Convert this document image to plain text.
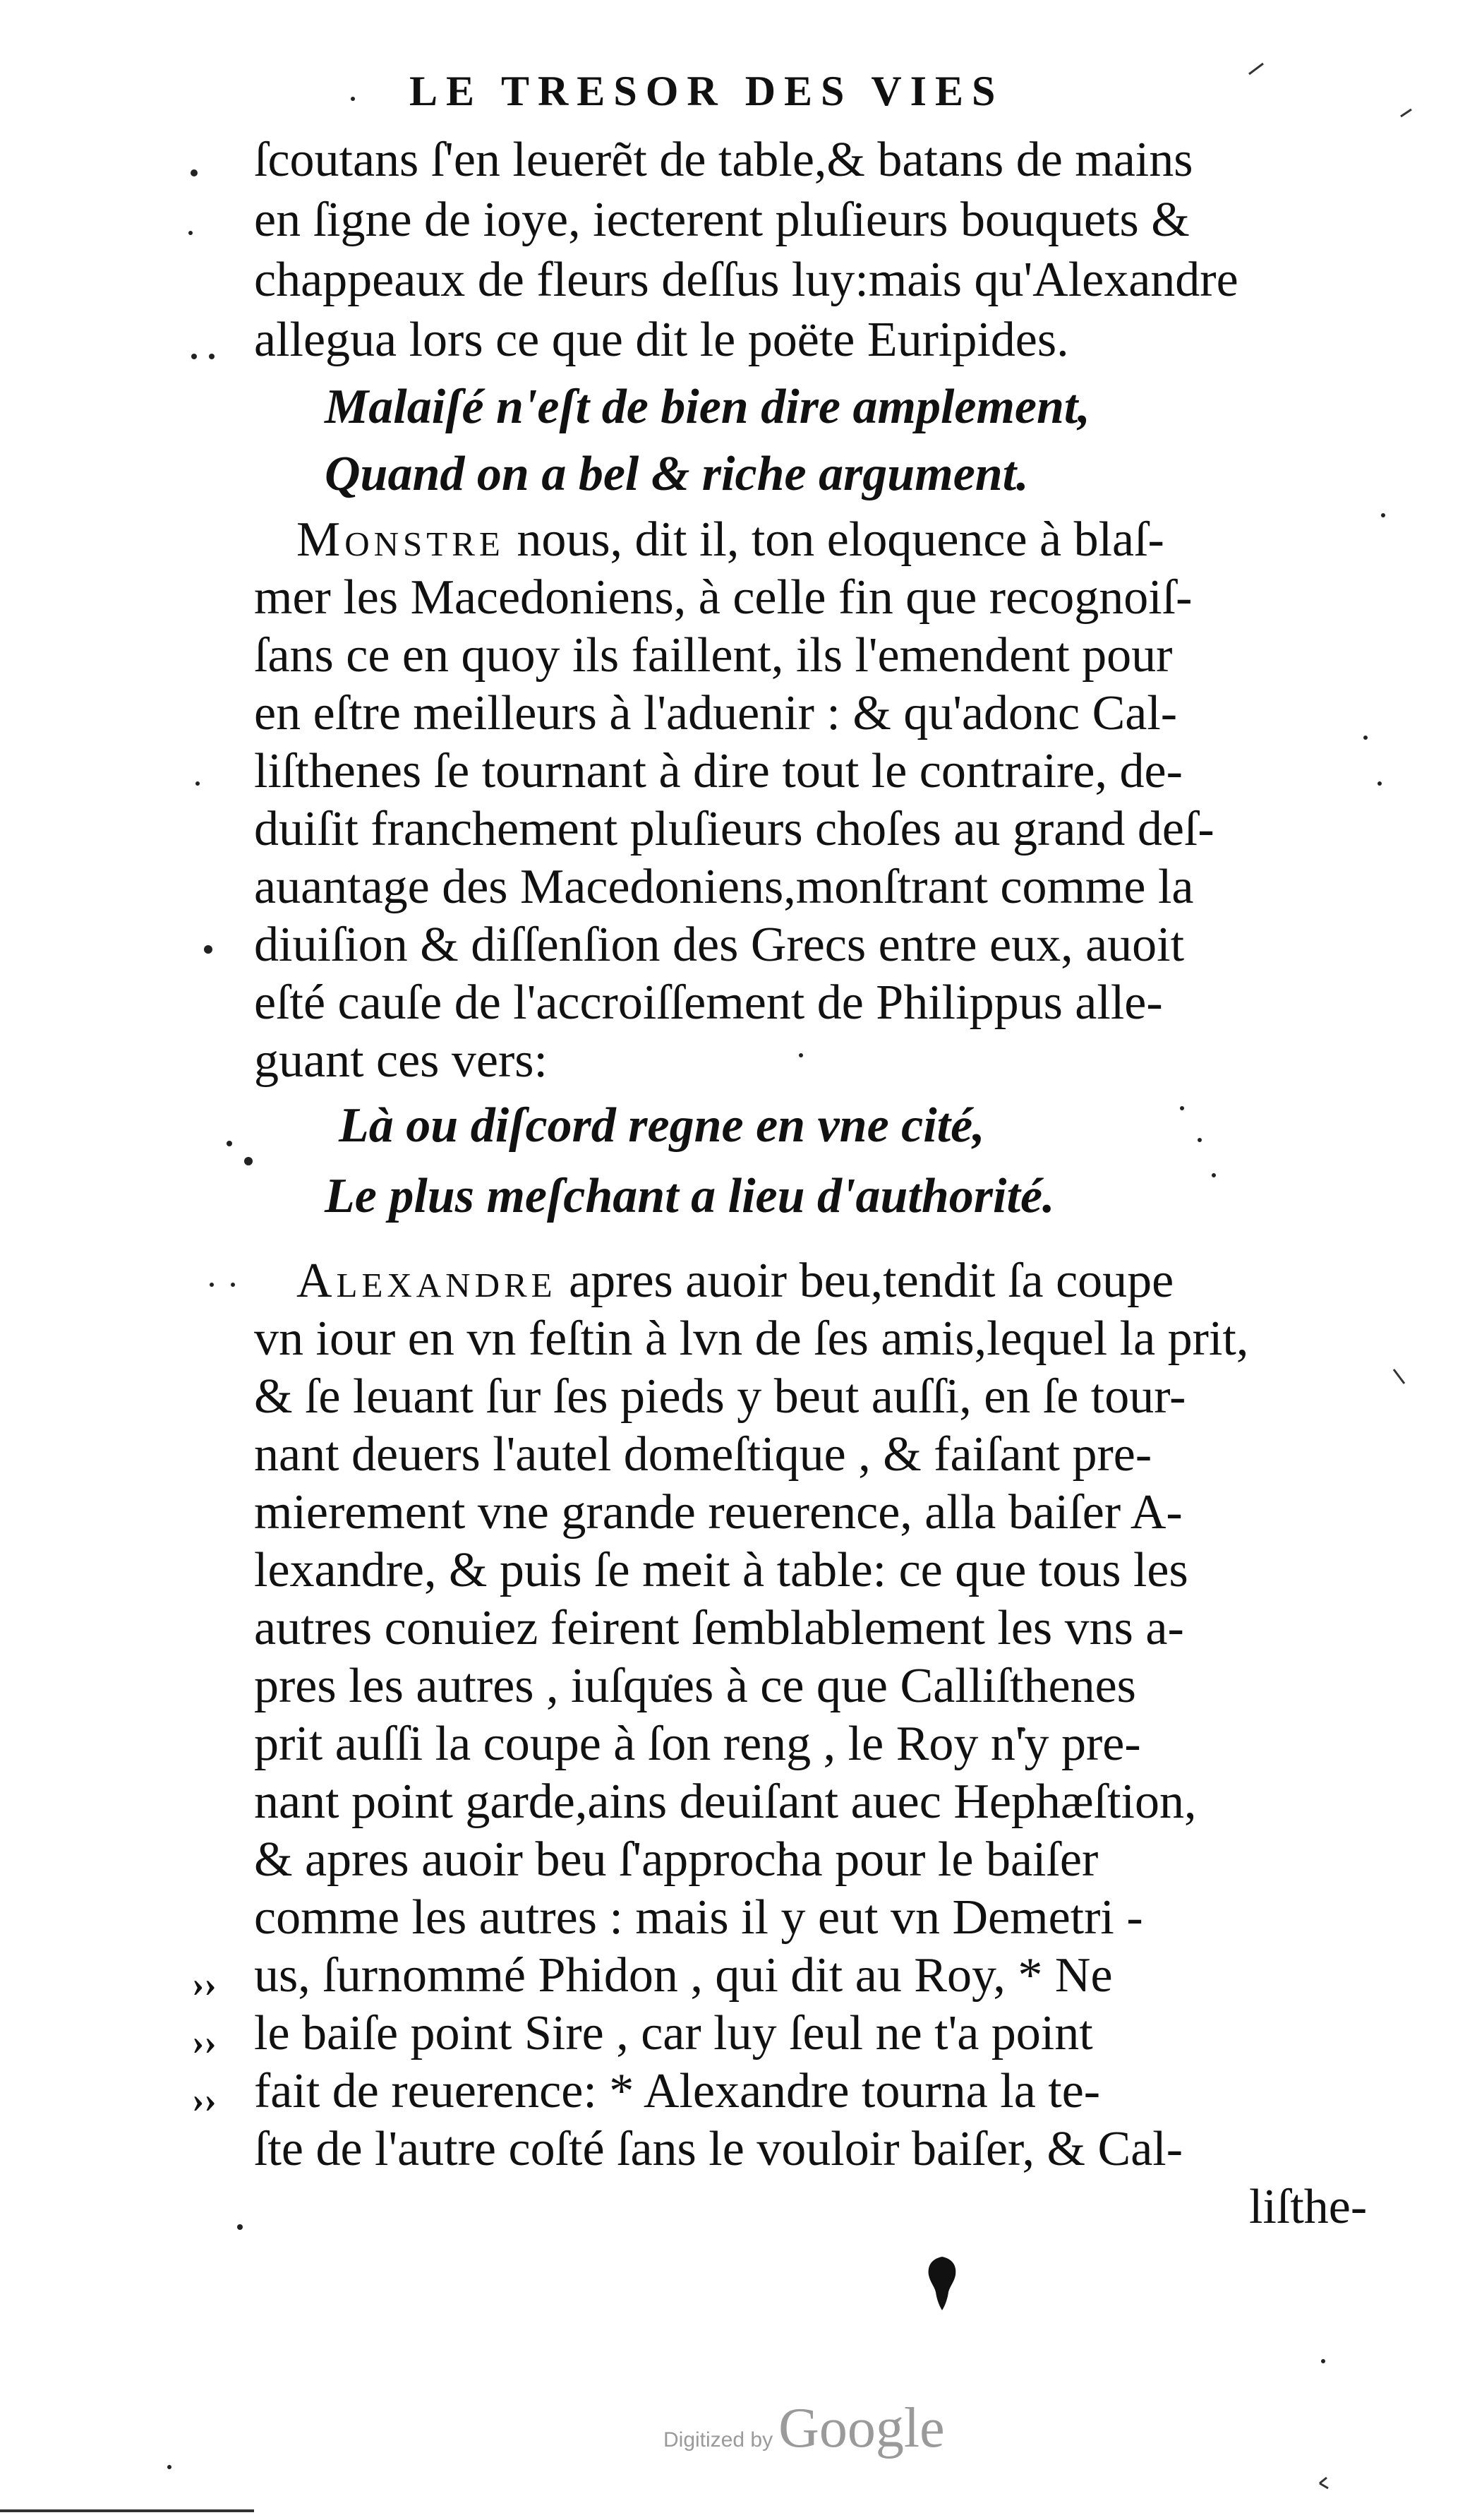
LE TRESOR DES VIES
ſcoutans ſ'en leuerẽt de table,& batans de mains
en ſigne de ioye, iecterent pluſieurs bouquets &
chappeaux de fleurs deſſus luy:mais qu'Alexandre
allegua lors ce que dit le poëte Euripides.
Malaiſé n'eſt de bien dire amplement,
Quand on a bel & riche argument.
Monstre nous, dit il, ton eloquence à blaſ-
mer les Macedoniens, à celle fin que recognoiſ-
ſans ce en quoy ils faillent, ils l'emendent pour
en eſtre meilleurs à l'aduenir : & qu'adonc Cal-
liſthenes ſe tournant à dire tout le contraire, de-
duiſit franchement pluſieurs choſes au grand deſ-
auantage des Macedoniens,monſtrant comme la
diuiſion & diſſenſion des Grecs entre eux, auoit
eſté cauſe de l'accroiſſement de Philippus alle-
guant ces vers:
Là ou diſcord regne en vne cité,
Le plus meſchant a lieu d'authorité.
Alexandre apres auoir beu,tendit ſa coupe
vn iour en vn feſtin à lvn de ſes amis,lequel la prit,
& ſe leuant ſur ſes pieds y beut auſſi, en ſe tour-
nant deuers l'autel domeſtique , & faiſant pre-
mierement vne grande reuerence, alla baiſer A-
lexandre, & puis ſe meit à table: ce que tous les
autres conuiez feirent ſemblablement les vns a-
pres les autres , iuſques à ce que Calliſthenes
prit auſſi la coupe à ſon reng , le Roy n'y pre-
nant point garde,ains deuiſant auec Hephæſtion,
& apres auoir beu ſ'approcha pour le baiſer
comme les autres : mais il y eut vn Demetri -
us, ſurnommé Phidon , qui dit au Roy, * Ne
le baiſe point Sire , car luy ſeul ne t'a point
fait de reuerence: * Alexandre tourna la te-
ſte de l'autre coſté ſans le vouloir baiſer, & Cal-
liſthe-
››
››
››
Digitized by Google
